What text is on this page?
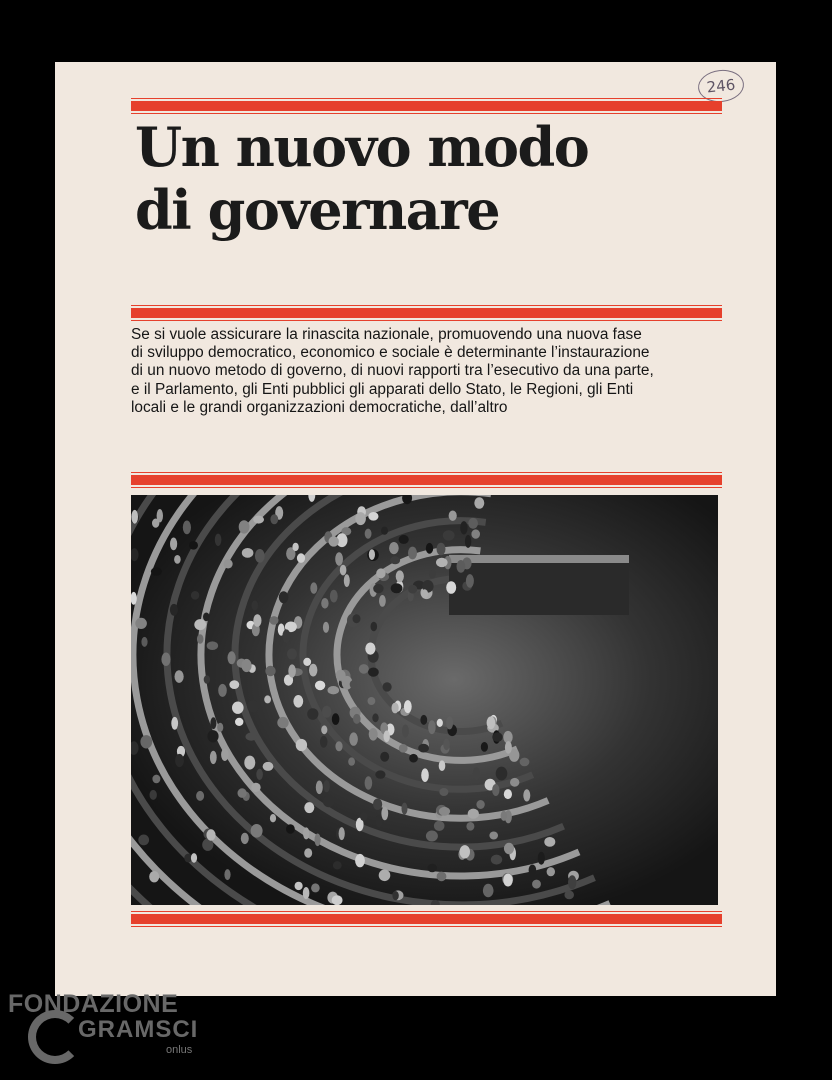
246
Un nuovo modo
di governare

Se si vuole assicurare la rinascita nazionale, promuovendo una nuova fase
di sviluppo democratico, economico e sociale è determinante l’instaurazione
di un nuovo metodo di governo, di nuovi rapporti tra l’esecutivo da una parte,
e il Parlamento, gli Enti pubblici gli apparati dello Stato, le Regioni, gli Enti
locali e le grandi organizzazioni democratiche, dall’altro

FONDAZIONE
GRAMSCI
onlus
